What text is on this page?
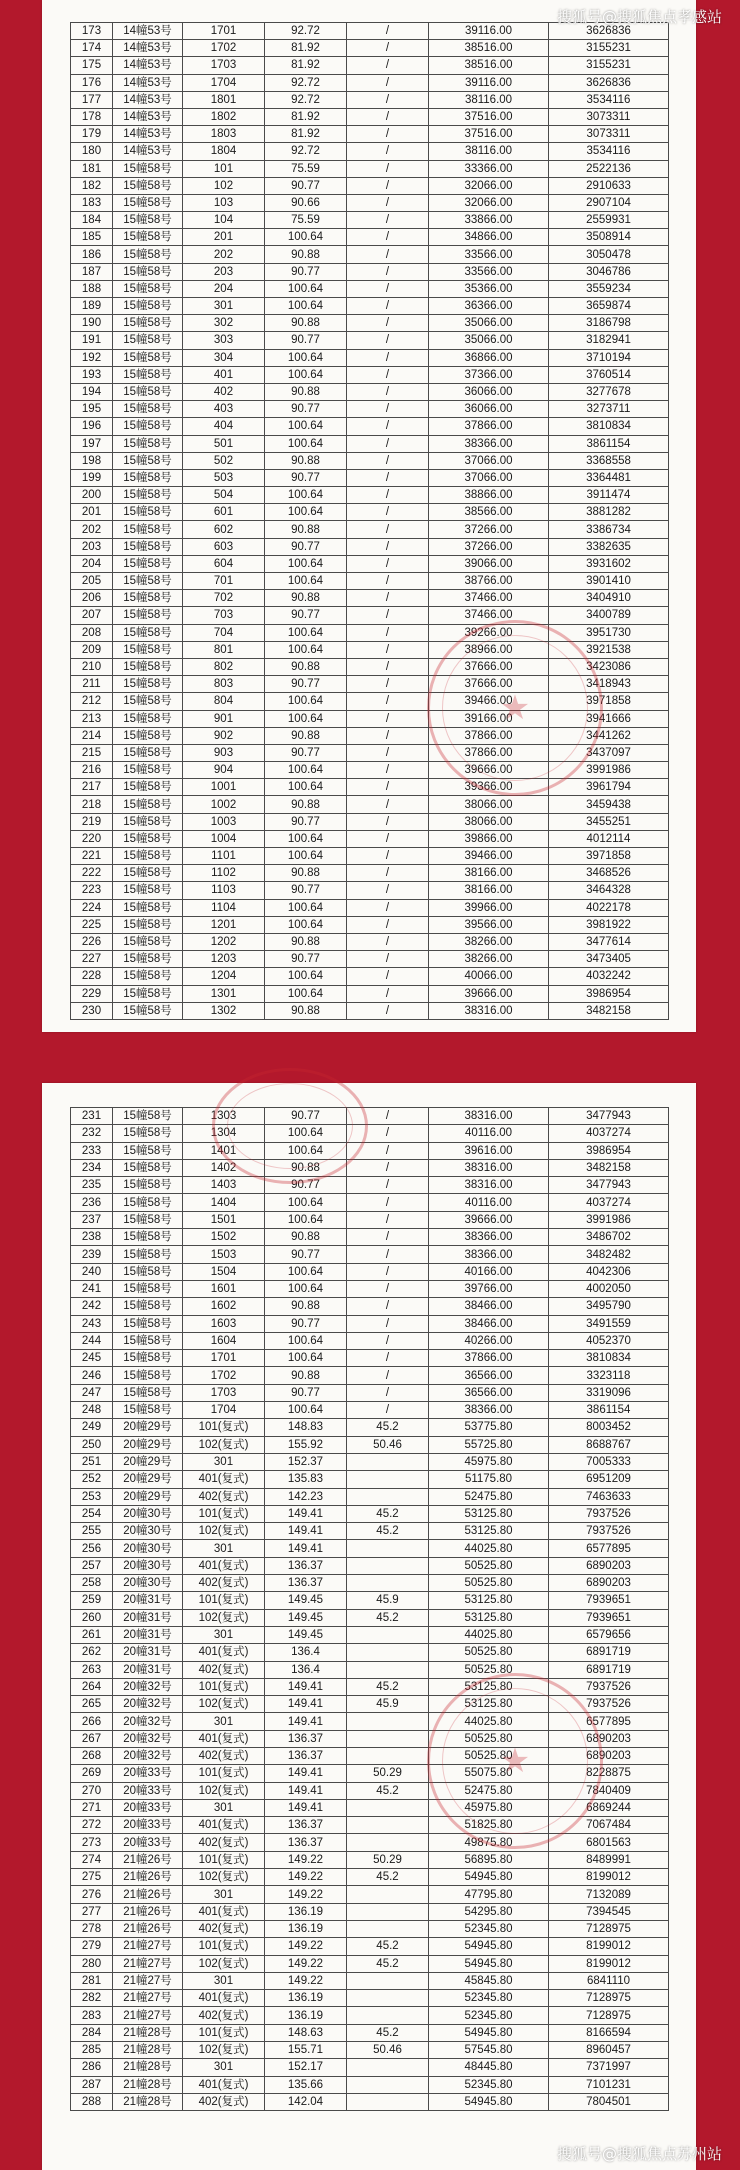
173	14幢53号	1701	92.72	/	39116.00	3626836
174	14幢53号	1702	81.92	/	38516.00	3155231
175	14幢53号	1703	81.92	/	38516.00	3155231
176	14幢53号	1704	92.72	/	39116.00	3626836
177	14幢53号	1801	92.72	/	38116.00	3534116
178	14幢53号	1802	81.92	/	37516.00	3073311
179	14幢53号	1803	81.92	/	37516.00	3073311
180	14幢53号	1804	92.72	/	38116.00	3534116
181	15幢58号	101	75.59	/	33366.00	2522136
182	15幢58号	102	90.77	/	32066.00	2910633
183	15幢58号	103	90.66	/	32066.00	2907104
184	15幢58号	104	75.59	/	33866.00	2559931
185	15幢58号	201	100.64	/	34866.00	3508914
186	15幢58号	202	90.88	/	33566.00	3050478
187	15幢58号	203	90.77	/	33566.00	3046786
188	15幢58号	204	100.64	/	35366.00	3559234
189	15幢58号	301	100.64	/	36366.00	3659874
190	15幢58号	302	90.88	/	35066.00	3186798
191	15幢58号	303	90.77	/	35066.00	3182941
192	15幢58号	304	100.64	/	36866.00	3710194
193	15幢58号	401	100.64	/	37366.00	3760514
194	15幢58号	402	90.88	/	36066.00	3277678
195	15幢58号	403	90.77	/	36066.00	3273711
196	15幢58号	404	100.64	/	37866.00	3810834
197	15幢58号	501	100.64	/	38366.00	3861154
198	15幢58号	502	90.88	/	37066.00	3368558
199	15幢58号	503	90.77	/	37066.00	3364481
200	15幢58号	504	100.64	/	38866.00	3911474
201	15幢58号	601	100.64	/	38566.00	3881282
202	15幢58号	602	90.88	/	37266.00	3386734
203	15幢58号	603	90.77	/	37266.00	3382635
204	15幢58号	604	100.64	/	39066.00	3931602
205	15幢58号	701	100.64	/	38766.00	3901410
206	15幢58号	702	90.88	/	37466.00	3404910
207	15幢58号	703	90.77	/	37466.00	3400789
208	15幢58号	704	100.64	/	39266.00	3951730
209	15幢58号	801	100.64	/	38966.00	3921538
210	15幢58号	802	90.88	/	37666.00	3423086
211	15幢58号	803	90.77	/	37666.00	3418943
212	15幢58号	804	100.64	/	39466.00	3971858
213	15幢58号	901	100.64	/	39166.00	3941666
214	15幢58号	902	90.88	/	37866.00	3441262
215	15幢58号	903	90.77	/	37866.00	3437097
216	15幢58号	904	100.64	/	39666.00	3991986
217	15幢58号	1001	100.64	/	39366.00	3961794
218	15幢58号	1002	90.88	/	38066.00	3459438
219	15幢58号	1003	90.77	/	38066.00	3455251
220	15幢58号	1004	100.64	/	39866.00	4012114
221	15幢58号	1101	100.64	/	39466.00	3971858
222	15幢58号	1102	90.88	/	38166.00	3468526
223	15幢58号	1103	90.77	/	38166.00	3464328
224	15幢58号	1104	100.64	/	39966.00	4022178
225	15幢58号	1201	100.64	/	39566.00	3981922
226	15幢58号	1202	90.88	/	38266.00	3477614
227	15幢58号	1203	90.77	/	38266.00	3473405
228	15幢58号	1204	100.64	/	40066.00	4032242
229	15幢58号	1301	100.64	/	39666.00	3986954
230	15幢58号	1302	90.88	/	38316.00	3482158
★
231	15幢58号	1303	90.77	/	38316.00	3477943
232	15幢58号	1304	100.64	/	40116.00	4037274
233	15幢58号	1401	100.64	/	39616.00	3986954
234	15幢58号	1402	90.88	/	38316.00	3482158
235	15幢58号	1403	90.77	/	38316.00	3477943
236	15幢58号	1404	100.64	/	40116.00	4037274
237	15幢58号	1501	100.64	/	39666.00	3991986
238	15幢58号	1502	90.88	/	38366.00	3486702
239	15幢58号	1503	90.77	/	38366.00	3482482
240	15幢58号	1504	100.64	/	40166.00	4042306
241	15幢58号	1601	100.64	/	39766.00	4002050
242	15幢58号	1602	90.88	/	38466.00	3495790
243	15幢58号	1603	90.77	/	38466.00	3491559
244	15幢58号	1604	100.64	/	40266.00	4052370
245	15幢58号	1701	100.64	/	37866.00	3810834
246	15幢58号	1702	90.88	/	36566.00	3323118
247	15幢58号	1703	90.77	/	36566.00	3319096
248	15幢58号	1704	100.64	/	38366.00	3861154
249	20幢29号	101(复式)	148.83	45.2	53775.80	8003452
250	20幢29号	102(复式)	155.92	50.46	55725.80	8688767
251	20幢29号	301	152.37		45975.80	7005333
252	20幢29号	401(复式)	135.83		51175.80	6951209
253	20幢29号	402(复式)	142.23		52475.80	7463633
254	20幢30号	101(复式)	149.41	45.2	53125.80	7937526
255	20幢30号	102(复式)	149.41	45.2	53125.80	7937526
256	20幢30号	301	149.41		44025.80	6577895
257	20幢30号	401(复式)	136.37		50525.80	6890203
258	20幢30号	402(复式)	136.37		50525.80	6890203
259	20幢31号	101(复式)	149.45	45.9	53125.80	7939651
260	20幢31号	102(复式)	149.45	45.2	53125.80	7939651
261	20幢31号	301	149.45		44025.80	6579656
262	20幢31号	401(复式)	136.4		50525.80	6891719
263	20幢31号	402(复式)	136.4		50525.80	6891719
264	20幢32号	101(复式)	149.41	45.2	53125.80	7937526
265	20幢32号	102(复式)	149.41	45.9	53125.80	7937526
266	20幢32号	301	149.41		44025.80	6577895
267	20幢32号	401(复式)	136.37		50525.80	6890203
268	20幢32号	402(复式)	136.37		50525.80	6890203
269	20幢33号	101(复式)	149.41	50.29	55075.80	8228875
270	20幢33号	102(复式)	149.41	45.2	52475.80	7840409
271	20幢33号	301	149.41		45975.80	6869244
272	20幢33号	401(复式)	136.37		51825.80	7067484
273	20幢33号	402(复式)	136.37		49875.80	6801563
274	21幢26号	101(复式)	149.22	50.29	56895.80	8489991
275	21幢26号	102(复式)	149.22	45.2	54945.80	8199012
276	21幢26号	301	149.22		47795.80	7132089
277	21幢26号	401(复式)	136.19		54295.80	7394545
278	21幢26号	402(复式)	136.19		52345.80	7128975
279	21幢27号	101(复式)	149.22	45.2	54945.80	8199012
280	21幢27号	102(复式)	149.22	45.2	54945.80	8199012
281	21幢27号	301	149.22		45845.80	6841110
282	21幢27号	401(复式)	136.19		52345.80	7128975
283	21幢27号	402(复式)	136.19		52345.80	7128975
284	21幢28号	101(复式)	148.63	45.2	54945.80	8166594
285	21幢28号	102(复式)	155.71	50.46	57545.80	8960457
286	21幢28号	301	152.17		48445.80	7371997
287	21幢28号	401(复式)	135.66		52345.80	7101231
288	21幢28号	402(复式)	142.04		54945.80	7804501
★
搜狐号@搜狐焦点孝感站
搜狐号@搜狐焦点苏州站
